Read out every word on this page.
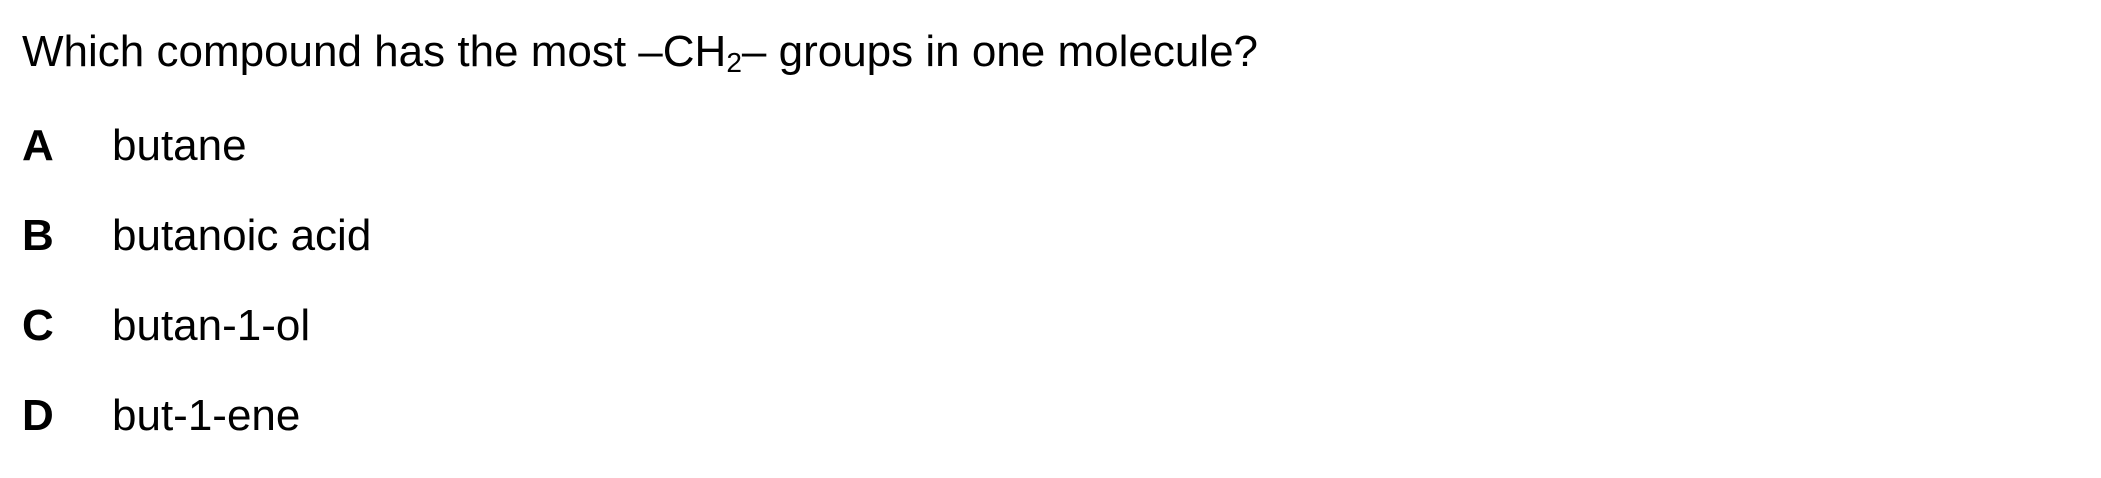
Which compound has the most $-CH_2-$ groups in one molecule?
A	butane
B	butanoic acid
C	butan-1-ol
D	but-1-ene
